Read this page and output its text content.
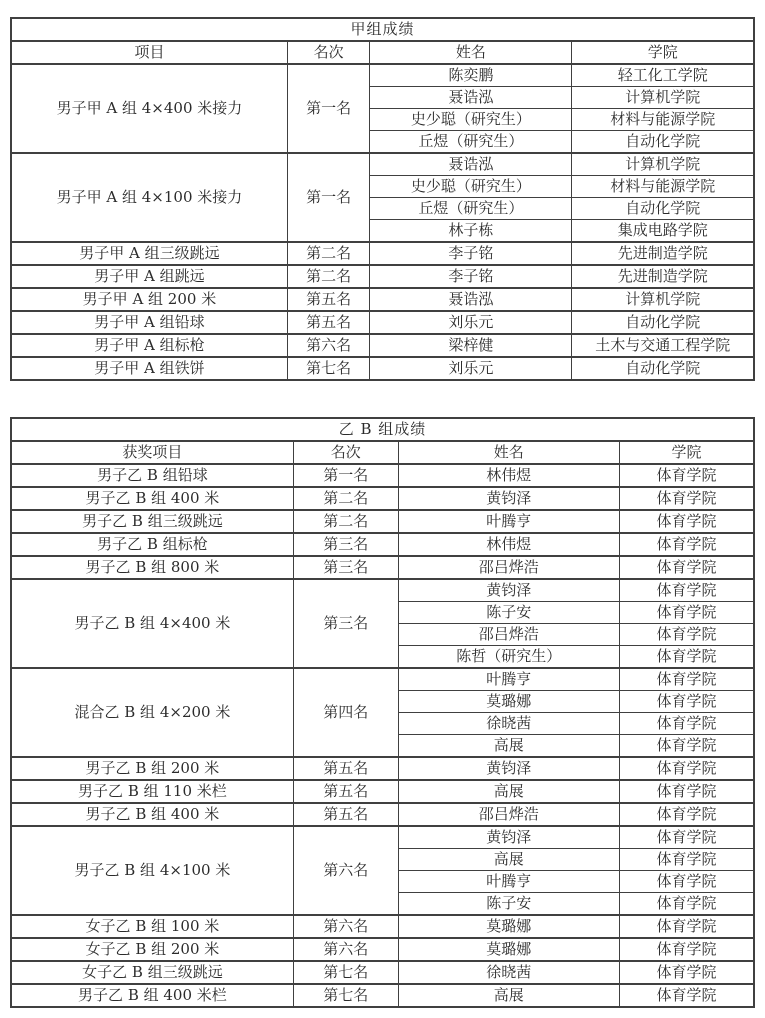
甲组成绩			
项目	名次	姓名	学院
男子甲 A 组 4×400 米接力	第一名	陈奕鹏	轻工化工学院
		聂诰泓	计算机学院
		史少聪（研究生）	材料与能源学院
		丘煜（研究生）	自动化学院
男子甲 A 组 4×100 米接力	第一名	聂诰泓	计算机学院
		史少聪（研究生）	材料与能源学院
		丘煜（研究生）	自动化学院
		林子栋	集成电路学院
男子甲 A 组三级跳远	第二名	李子铭	先进制造学院
男子甲 A 组跳远	第二名	李子铭	先进制造学院
男子甲 A 组 200 米	第五名	聂诰泓	计算机学院
男子甲 A 组铅球	第五名	刘乐元	自动化学院
男子甲 A 组标枪	第六名	梁梓健	土木与交通工程学院
男子甲 A 组铁饼	第七名	刘乐元	自动化学院
乙 B 组成绩			
获奖项目	名次	姓名	学院
男子乙 B 组铅球	第一名	林伟煜	体育学院
男子乙 B 组 400 米	第二名	黄钧泽	体育学院
男子乙 B 组三级跳远	第二名	叶腾亨	体育学院
男子乙 B 组标枪	第三名	林伟煜	体育学院
男子乙 B 组 800 米	第三名	邵吕烨浩	体育学院
男子乙 B 组 4×400 米	第三名	黄钧泽	体育学院
		陈子安	体育学院
		邵吕烨浩	体育学院
		陈哲（研究生）	体育学院
混合乙 B 组 4×200 米	第四名	叶腾亨	体育学院
		莫璐娜	体育学院
		徐晓茜	体育学院
		高展	体育学院
男子乙 B 组 200 米	第五名	黄钧泽	体育学院
男子乙 B 组 110 米栏	第五名	高展	体育学院
男子乙 B 组 400 米	第五名	邵吕烨浩	体育学院
男子乙 B 组 4×100 米	第六名	黄钧泽	体育学院
		高展	体育学院
		叶腾亨	体育学院
		陈子安	体育学院
女子乙 B 组 100 米	第六名	莫璐娜	体育学院
女子乙 B 组 200 米	第六名	莫璐娜	体育学院
女子乙 B 组三级跳远	第七名	徐晓茜	体育学院
男子乙 B 组 400 米栏	第七名	高展	体育学院
